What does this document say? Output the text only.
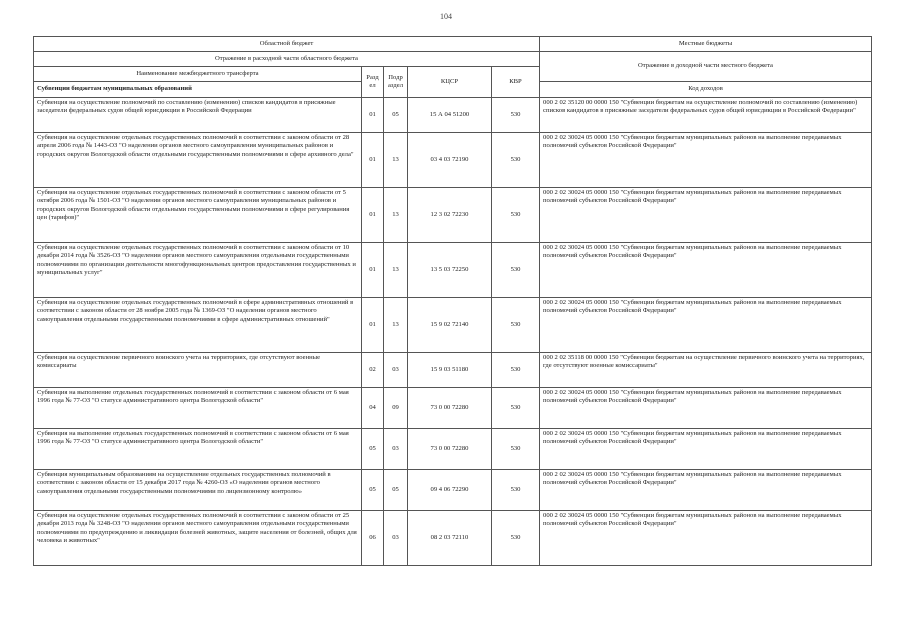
104
Областной бюджет					Местные бюджеты
Отражение в расходной части областного бюджета					Отражение в доходной части местного бюджета
Наименование межбюджетного трансферта	Разд ел	Подр аздел	КЦСР	КВР	
Субвенции бюджетам муниципальных образований					Код доходов
Субвенция на осуществление полномочий по составлению (изменению) списков кандидатов в присяжные заседатели федеральных судов общей юрисдикции в Российской Федерации	01	05	15 А 04 51200	530	000 2 02 35120 00 0000 150 "Субвенции бюджетам на осуществление полномочий по составлению (изменению) списков кандидатов в присяжные заседатели федеральных судов общей юрисдикции в Российской Федерации"
Субвенция на осуществление отдельных государственных полномочий в соответствии с законом области от 28 апреля 2006 года № 1443-ОЗ "О наделении органов местного самоуправления муниципальных районов и городских округов Вологодской области отдельными государственными полномочиями в сфере архивного дела"	01	13	03 4 03 72190	530	000 2 02 30024 05 0000 150 "Субвенции бюджетам муниципальных районов на выполнение передаваемых полномочий субъектов Российской Федерации"
Субвенция на осуществление отдельных государственных полномочий в соответствии с законом области от 5 октября 2006 года № 1501-ОЗ "О наделении органов местного самоуправления муниципальных районов и городских округов Вологодской области отдельными государственными полномочиями в сфере регулирования цен (тарифов)"	01	13	12 3 02 72230	530	000 2 02 30024 05 0000 150 "Субвенции бюджетам муниципальных районов на выполнение передаваемых полномочий субъектов Российской Федерации"
Субвенция на осуществление отдельных государственных полномочий в соответствии с законом области от 10 декабря 2014 года № 3526-ОЗ "О наделении органов местного самоуправления отдельными государственными полномочиями по организации деятельности многофункциональных центров предоставления государственных и муниципальных услуг"	01	13	13 5 03 72250	530	000 2 02 30024 05 0000 150 "Субвенции бюджетам муниципальных районов на выполнение передаваемых полномочий субъектов Российской Федерации"
Субвенция на осуществление отдельных государственных полномочий в сфере административных отношений в соответствии с законом области от 28 ноября 2005 года № 1369-ОЗ "О наделении органов местного самоуправления отдельными государственными полномочиями в сфере административных отношений"	01	13	15 9 02 72140	530	000 2 02 30024 05 0000 150 "Субвенции бюджетам муниципальных районов на выполнение передаваемых полномочий субъектов Российской Федерации"
Субвенция на осуществление первичного воинского учета на территориях, где отсутствуют военные комиссариаты	02	03	15 9 03 51180	530	000 2 02 35118 00 0000 150 "Субвенции бюджетам на осуществление первичного воинского учета на территориях, где отсутствуют военные комиссариаты"
Субвенция на выполнение отдельных государственных полномочий в соответствии с законом области от 6 мая 1996 года № 77-ОЗ "О статусе административного центра Вологодской области"	04	09	73 0 00 72280	530	000 2 02 30024 05 0000 150 "Субвенции бюджетам муниципальных районов на выполнение передаваемых полномочий субъектов Российской Федерации"
Субвенция на выполнение отдельных государственных полномочий в соответствии с законом области от 6 мая 1996 года № 77-ОЗ "О статусе административного центра Вологодской области"	05	03	73 0 00 72280	530	000 2 02 30024 05 0000 150 "Субвенции бюджетам муниципальных районов на выполнение передаваемых полномочий субъектов Российской Федерации"
Субвенция муниципальным образованиям на осуществление отдельных государственных полномочий в соответствии с законом области от 15 декабря 2017 года № 4260-ОЗ «О наделении органов местного самоуправления отдельными государственными полномочиями по лицензионному контролю»	05	05	09 4 06 72290	530	000 2 02 30024 05 0000 150 "Субвенции бюджетам муниципальных районов на выполнение передаваемых полномочий субъектов Российской Федерации"
Субвенция на осуществление отдельных государственных полномочий в соответствии с законом области от 25 декабря 2013 года № 3248-ОЗ "О наделении органов местного самоуправления отдельными государственными полномочиями по предупреждению и ликвидации болезней животных, защите населения от болезней, общих для человека и животных"	06	03	08 2 03 72110	530	000 2 02 30024 05 0000 150 "Субвенции бюджетам муниципальных районов на выполнение передаваемых полномочий субъектов Российской Федерации"
